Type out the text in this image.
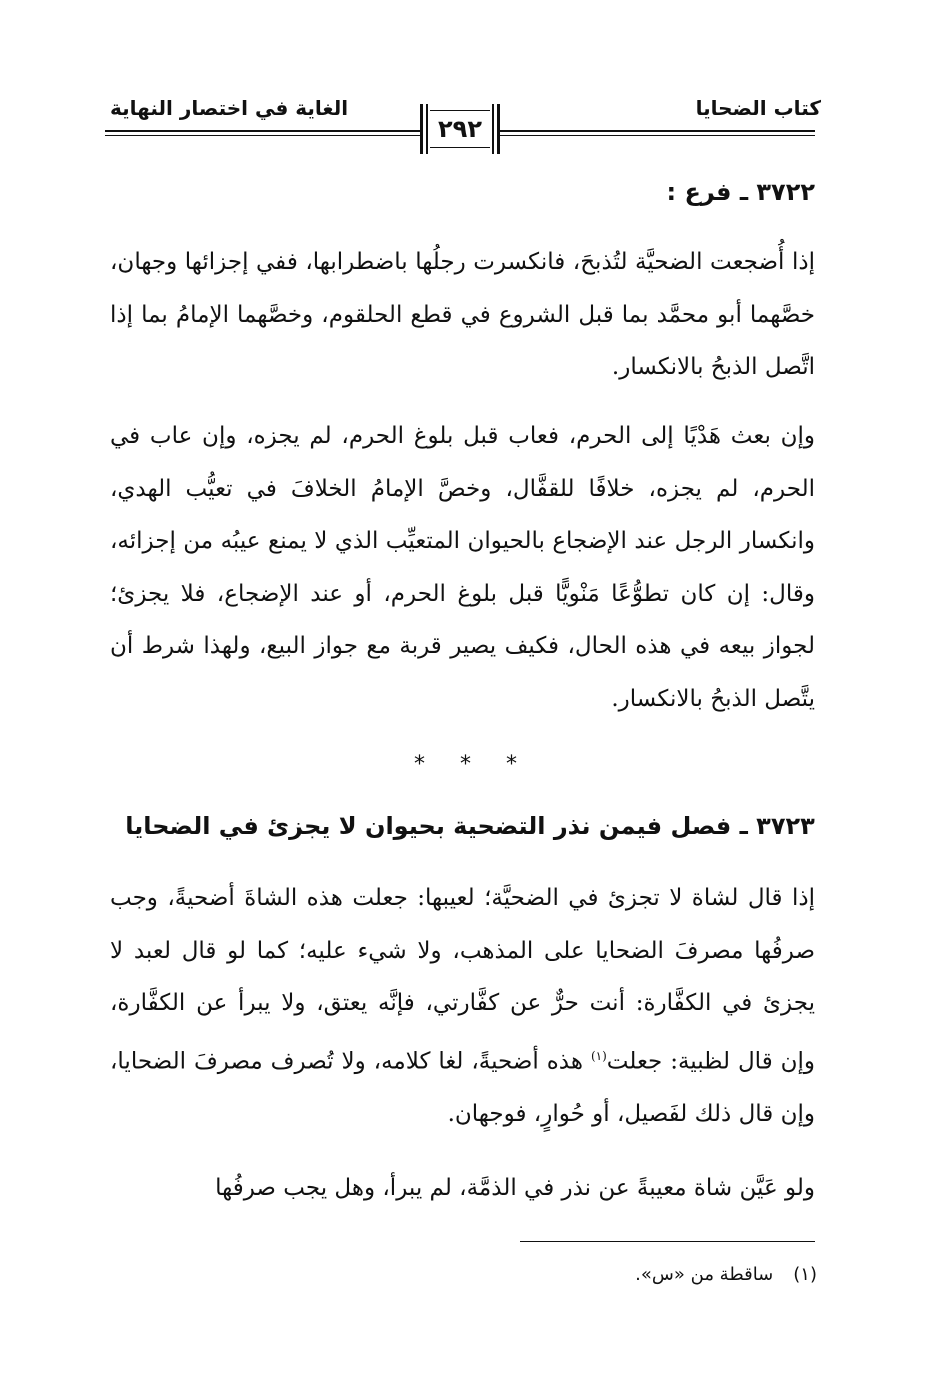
كتاب الضحايا
الغاية في اختصار النهاية
٢٩٢
٣٧٢٢ ـ فرع :

إذا أُضجعت الضحيَّة لتُذبحَ، فانكسرت رجلُها باضطرابها، ففي إجزائها وجهان، خصَّهما أبو محمَّد بما قبل الشروع في قطع الحلقوم، وخصَّهما الإمامُ بما إذا اتَّصل الذبحُ بالانكسار.

وإن بعث هَدْيًا إلى الحرم، فعاب قبل بلوغ الحرم، لم يجزه، وإن عاب في الحرم، لم يجزه، خلافًا للقفَّال، وخصَّ الإمامُ الخلافَ في تعيُّب الهدي، وانكسار الرجل عند الإضجاع بالحيوان المتعيِّب الذي لا يمنع عيبُه من إجزائه، وقال: إن كان تطوُّعًا مَنْويًّا قبل بلوغ الحرم، أو عند الإضجاع، فلا يجزئ؛ لجواز بيعه في هذه الحال، فكيف يصير قربة مع جواز البيع، ولهذا شرط أن يتَّصل الذبحُ بالانكسار.

* * *
٣٧٢٣ ـ فصل فيمن نذر التضحية بحيوان لا يجزئ في الضحايا

إذا قال لشاة لا تجزئ في الضحيَّة؛ لعيبها: جعلت هذه الشاةَ أضحيةً، وجب صرفُها مصرفَ الضحايا على المذهب، ولا شيء عليه؛ كما لو قال لعبد لا يجزئ في الكفَّارة: أنت حرٌّ عن كفَّارتي، فإنَّه يعتق، ولا يبرأ عن الكفَّارة، وإن قال لظبية: جعلت$^{(١)}$ هذه أضحيةً، لغا كلامه، ولا تُصرف مصرفَ الضحايا، وإن قال ذلك لفَصيل، أو حُوارٍ، فوجهان.

ولو عَيَّن شاة معيبةً عن نذر في الذمَّة، لم يبرأ، وهل يجب صرفُها

(١)ساقطة من «س».
